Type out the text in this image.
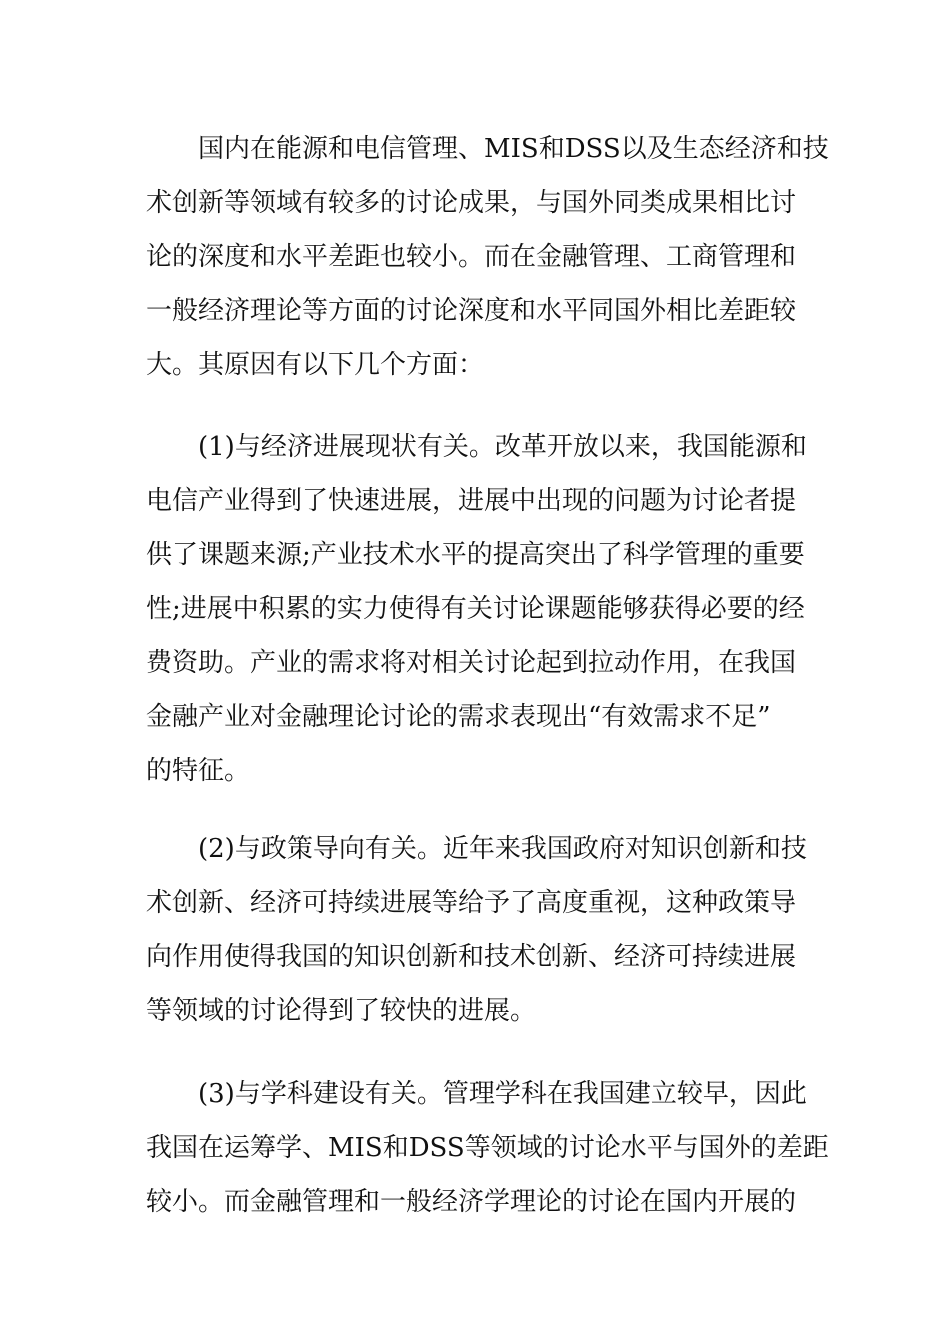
国内在能源和电信管理、MIS和DSS以及生态经济和技
术创新等领域有较多的讨论成果，与国外同类成果相比讨
论的深度和水平差距也较小。而在金融管理、工商管理和
一般经济理论等方面的讨论深度和水平同国外相比差距较
大。其原因有以下几个方面：
(1)与经济进展现状有关。改革开放以来，我国能源和
电信产业得到了快速进展，进展中出现的问题为讨论者提
供了课题来源;产业技术水平的提高突出了科学管理的重要
性;进展中积累的实力使得有关讨论课题能够获得必要的经
费资助。产业的需求将对相关讨论起到拉动作用，在我国
金融产业对金融理论讨论的需求表现出“有效需求不足”
的特征。
(2)与政策导向有关。近年来我国政府对知识创新和技
术创新、经济可持续进展等给予了高度重视，这种政策导
向作用使得我国的知识创新和技术创新、经济可持续进展
等领域的讨论得到了较快的进展。
(3)与学科建设有关。管理学科在我国建立较早，因此
我国在运筹学、MIS和DSS等领域的讨论水平与国外的差距
较小。而金融管理和一般经济学理论的讨论在国内开展的
